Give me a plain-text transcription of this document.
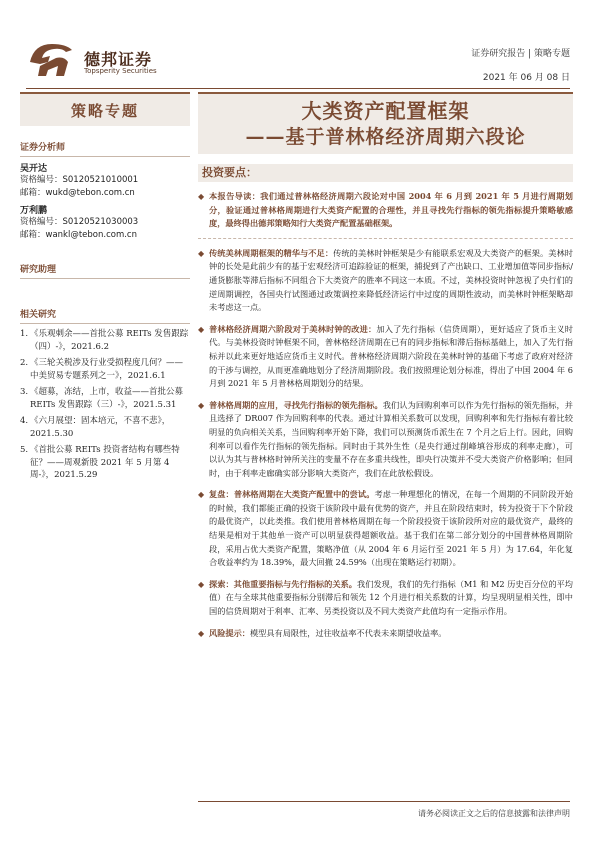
德邦证券
Topsperity Securities
证券研究报告 | 策略专题
2021 年 06 月 08 日
策略专题
证券分析师
吴开达
资格编号：S0120521010001
邮箱：wukd@tebon.com.cn
万利鹏
资格编号：S0120521030003
邮箱：wankl@tebon.com.cn
研究助理
相关研究
1. 《乐观刺余——首批公募 REITs 发售跟踪（四）-》，2021.6.2
2. 《三轮关税涉及行业受损程度几何？——中美贸易专题系列之一》，2021.6.1
3. 《超募，冻结，上市，收益——首批公募 REITs 发售跟踪（三）-》，2021.5.31
4. 《六月展望：固本培元，不喜不悲》，2021.5.30
5. 《首批公募 REITs 投资者结构有哪些特征？——周观新股 2021 年 5 月第 4 周-》，2021.5.29
大类资产配置框架
——基于普林格经济周期六段论
投资要点：
◆ 本报告导读：我们通过普林格经济周期六段论对中国 2004 年 6 月到 2021 年 5 月进行周期划分，验证通过普林格周期进行大类资产配置的合理性，并且寻找先行指标的领先指标提升策略敏感度，最终得出德邦策略知行大类资产配置基础框架。
◆ 传统美林周期框架的精华与不足：传统的美林时钟框架是少有能联系宏观及大类资产的框架。美林时钟的长处是此前少有的基于宏观经济可追踪验证的框架，捕捉到了产出缺口、工业增加值等同步指标/通货膨胀等滞后指标不同组合下大类资产的胜率不同这一本质。不过，美林投资时钟忽视了央行们的逆周期调控，各国央行试图通过政策调控来降低经济运行中过度的周期性波动，而美林时钟框架略却未考虑这一点。
◆ 普林格经济周期六阶段对于美林时钟的改进：加入了先行指标（信贷周期），更好适应了货币主义时代。与美林投资时钟框架不同，普林格经济周期在已有的同步指标和滞后指标基础上，加入了先行指标并以此来更好地适应货币主义时代。普林格经济周期六阶段在美林时钟的基础下考虑了政府对经济的干涉与调控，从而更准确地划分了经济周期阶段。我们按照理论划分标准，得出了中国 2004 年 6 月到 2021 年 5 月普林格周期划分的结果。
◆ 普林格周期的应用，寻找先行指标的领先指标。我们认为回购利率可以作为先行指标的领先指标，并且选择了 DR007 作为回购利率的代表。通过计算相关系数可以发现，回购利率和先行指标有着比较明显的负向相关关系，当回购利率开始下降，我们可以预测货币派生在 7 个月之后上行。因此，回购利率可以看作先行指标的领先指标。同时由于其外生性（是央行通过削峰填谷形成的利率走廊），可以认为其与普林格时钟所关注的变量不存在多重共线性，即央行决策并不受大类资产价格影响；但同时，由于利率走廊确实部分影响大类资产，我们在此放松假设。
◆ 复盘：普林格周期在大类资产配置中的尝试。考虑一种理想化的情况，在每一个周期的不同阶段开始的时候，我们都能正确的投资于该阶段中最有优势的资产，并且在阶段结束时，转为投资于下个阶段的最优资产，以此类推。我们使用普林格周期在每一个阶段投资于该阶段所对应的最优资产，最终的结果是相对于其他单一资产可以明显获得超额收益。基于我们在第二部分划分的中国普林格周期阶段，采用占优大类资产配置，策略净值（从 2004 年 6 月运行至 2021 年 5 月）为 17.64，年化复合收益率约为 18.39%，最大回撤 24.59%（出现在策略运行初期）。
◆ 探索：其他重要指标与先行指标的关系。我们发现，我们的先行指标（M1 和 M2 历史百分位的平均值）在与全球其他重要指标分别滞后和领先 12 个月进行相关系数的计算，均呈现明显相关性，即中国的信贷周期对于利率、汇率、另类投资以及不同大类资产此值均有一定指示作用。
◆ 风险提示：模型具有局限性，过往收益率不代表未来期望收益率。
请务必阅读正文之后的信息披露和法律声明
